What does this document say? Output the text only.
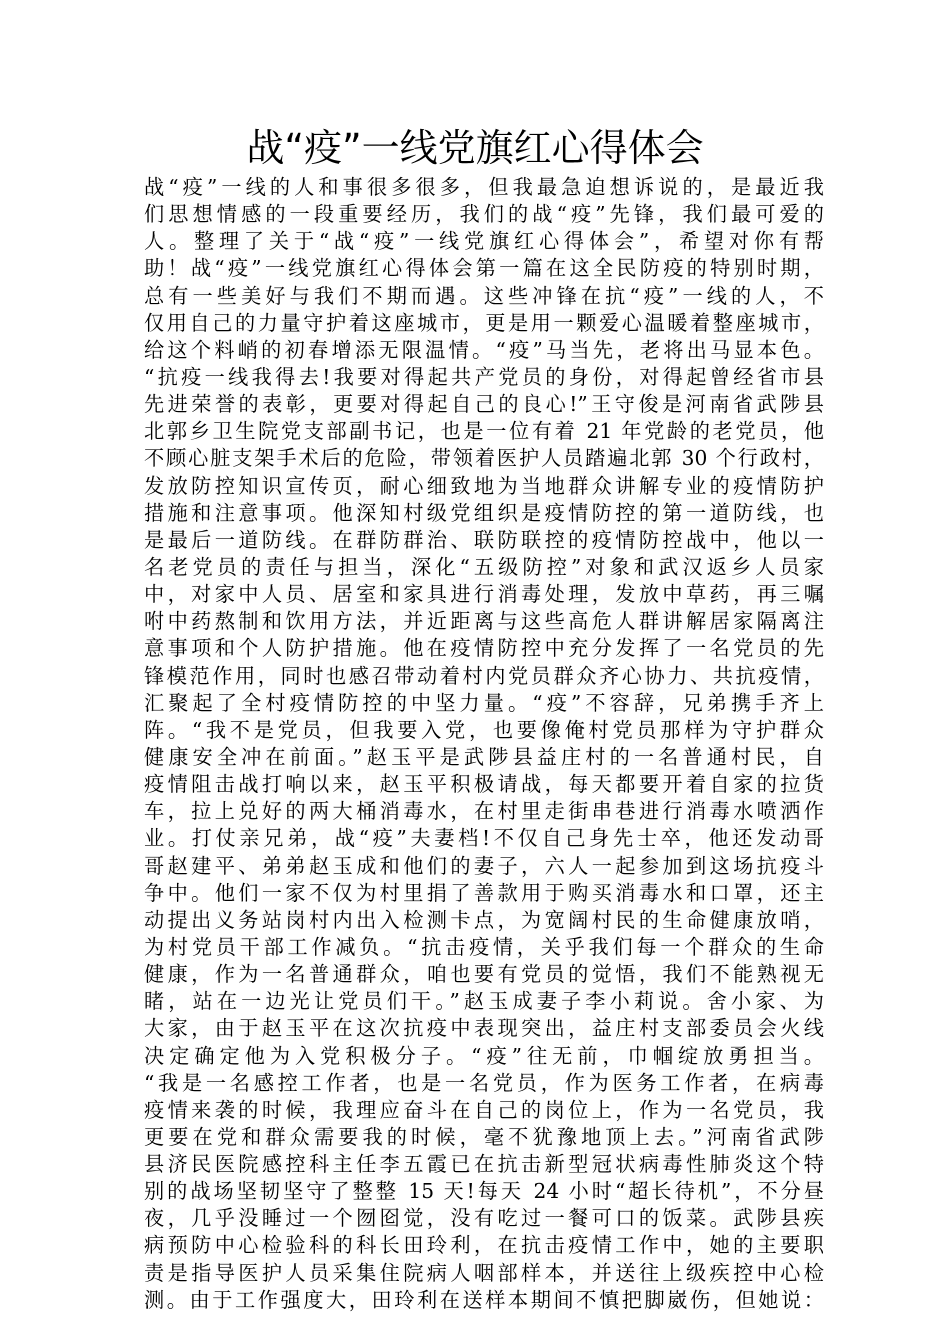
战“疫”一线党旗红心得体会
战“疫”一线的人和事很多很多，但我最急迫想诉说的，是最近我
们思想情感的一段重要经历，我们的战“疫”先锋，我们最可爱的
人。整理了关于“战“疫”一线党旗红心得体会”，希望对你有帮
助！战“疫”一线党旗红心得体会第一篇在这全民防疫的特别时期，
总有一些美好与我们不期而遇。这些冲锋在抗“疫”一线的人，不
仅用自己的力量守护着这座城市，更是用一颗爱心温暖着整座城市，
给这个料峭的初春增添无限温情。“疫”马当先，老将出马显本色。
“抗疫一线我得去!我要对得起共产党员的身份，对得起曾经省市县
先进荣誉的表彰，更要对得起自己的良心!”王守俊是河南省武陟县
北郭乡卫生院党支部副书记，也是一位有着 21 年党龄的老党员，他
不顾心脏支架手术后的危险，带领着医护人员踏遍北郭 30 个行政村，
发放防控知识宣传页，耐心细致地为当地群众讲解专业的疫情防护
措施和注意事项。他深知村级党组织是疫情防控的第一道防线，也
是最后一道防线。在群防群治、联防联控的疫情防控战中，他以一
名老党员的责任与担当，深化“五级防控”对象和武汉返乡人员家
中，对家中人员、居室和家具进行消毒处理，发放中草药，再三嘱
咐中药熬制和饮用方法，并近距离与这些高危人群讲解居家隔离注
意事项和个人防护措施。他在疫情防控中充分发挥了一名党员的先
锋模范作用，同时也感召带动着村内党员群众齐心协力、共抗疫情，
汇聚起了全村疫情防控的中坚力量。“疫”不容辞，兄弟携手齐上
阵。“我不是党员，但我要入党，也要像俺村党员那样为守护群众
健康安全冲在前面。”赵玉平是武陟县益庄村的一名普通村民，自
疫情阻击战打响以来，赵玉平积极请战，每天都要开着自家的拉货
车，拉上兑好的两大桶消毒水，在村里走街串巷进行消毒水喷洒作
业。打仗亲兄弟，战“疫”夫妻档!不仅自己身先士卒，他还发动哥
哥赵建平、弟弟赵玉成和他们的妻子，六人一起参加到这场抗疫斗
争中。他们一家不仅为村里捐了善款用于购买消毒水和口罩，还主
动提出义务站岗村内出入检测卡点，为宽阔村民的生命健康放哨，
为村党员干部工作减负。“抗击疫情，关乎我们每一个群众的生命
健康，作为一名普通群众，咱也要有党员的觉悟，我们不能熟视无
睹，站在一边光让党员们干。”赵玉成妻子李小莉说。舍小家、为
大家，由于赵玉平在这次抗疫中表现突出，益庄村支部委员会火线
决定确定他为入党积极分子。“疫”往无前，巾帼绽放勇担当。
“我是一名感控工作者，也是一名党员，作为医务工作者，在病毒
疫情来袭的时候，我理应奋斗在自己的岗位上，作为一名党员，我
更要在党和群众需要我的时候，毫不犹豫地顶上去。”河南省武陟
县济民医院感控科主任李五霞已在抗击新型冠状病毒性肺炎这个特
别的战场坚韧坚守了整整 15 天!每天 24 小时“超长待机”，不分昼
夜，几乎没睡过一个囫囵觉，没有吃过一餐可口的饭菜。武陟县疾
病预防中心检验科的科长田玲利，在抗击疫情工作中，她的主要职
责是指导医护人员采集住院病人咽部样本，并送往上级疾控中心检
测。由于工作强度大，田玲利在送样本期间不慎把脚崴伤，但她说：
